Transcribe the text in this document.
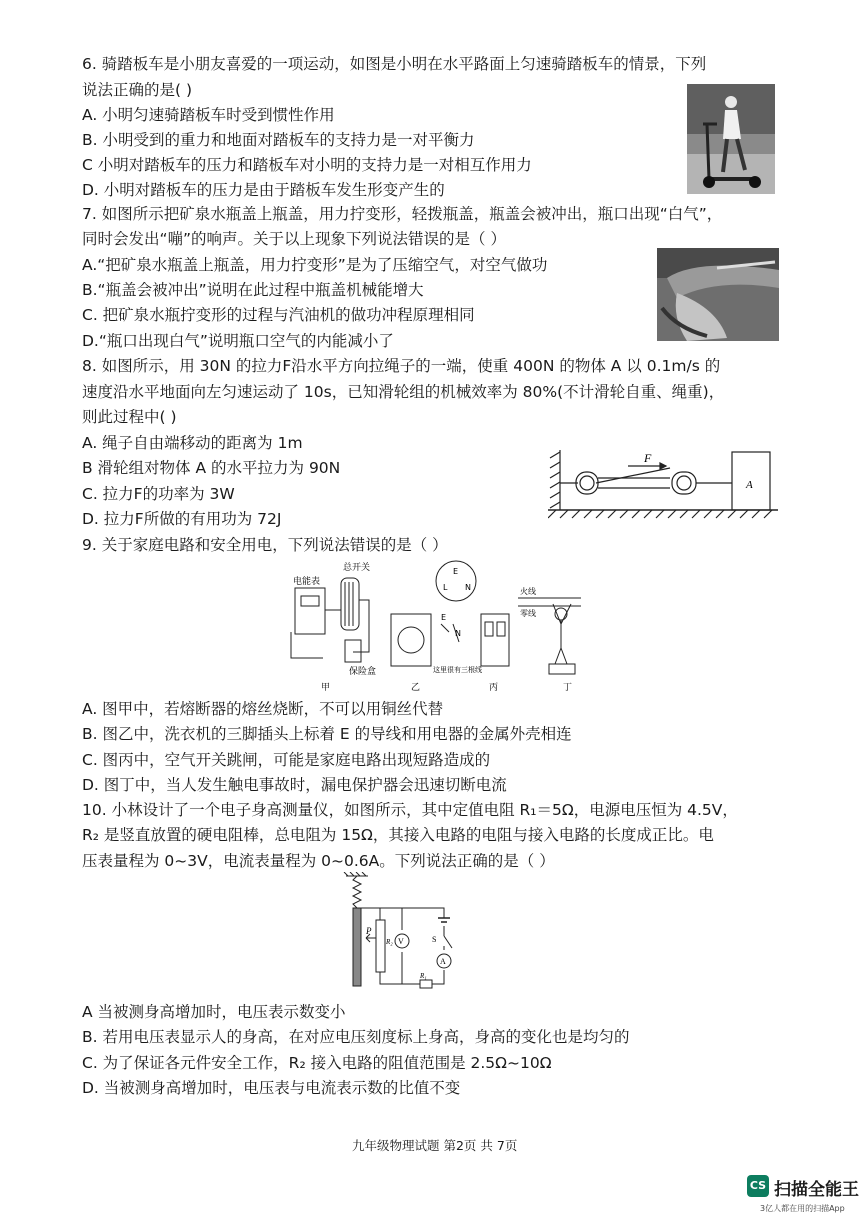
6. 骑踏板车是小朋友喜爱的一项运动，如图是小明在水平路面上匀速骑踏板车的情景，下列
说法正确的是( )
A. 小明匀速骑踏板车时受到惯性作用
B. 小明受到的重力和地面对踏板车的支持力是一对平衡力
C 小明对踏板车的压力和踏板车对小明的支持力是一对相互作用力
D. 小明对踏板车的压力是由于踏板车发生形变产生的
7. 如图所示把矿泉水瓶盖上瓶盖，用力拧变形，轻拨瓶盖，瓶盖会被冲出，瓶口出现“白气”，
同时会发出“嘣”的响声。关于以上现象下列说法错误的是（ ）
A.“把矿泉水瓶盖上瓶盖，用力拧变形”是为了压缩空气，对空气做功
B.“瓶盖会被冲出”说明在此过程中瓶盖机械能增大
C. 把矿泉水瓶拧变形的过程与汽油机的做功冲程原理相同
D.“瓶口出现白气”说明瓶口空气的内能减小了
8. 如图所示，用 30N 的拉力F沿水平方向拉绳子的一端，使重 400N 的物体 A 以 0.1m/s 的
速度沿水平地面向左匀速运动了 10s，已知滑轮组的机械效率为 80%(不计滑轮自重、绳重)，
则此过程中( )
A. 绳子自由端移动的距离为 1m
B 滑轮组对物体 A 的水平拉力为 90N
C. 拉力F的功率为 3W
D. 拉力F所做的有用功为 72J
F
A
9. 关于家庭电路和安全用电，下列说法错误的是（ ）
电能表
总开关
保险盒
E
L N
E
N
这里很有三根线
火线
零线
甲	乙	丙	丁
A. 图甲中，若熔断器的熔丝烧断，不可以用铜丝代替
B. 图乙中，洗衣机的三脚插头上标着 E 的导线和用电器的金属外壳相连
C. 图丙中，空气开关跳闸，可能是家庭电路出现短路造成的
D. 图丁中，当人发生触电事故时，漏电保护器会迅速切断电流
10. 小林设计了一个电子身高测量仪，如图所示，其中定值电阻 R₁＝5Ω，电源电压恒为 4.5V，
R₂ 是竖直放置的硬电阻棒，总电阻为 15Ω，其接入电路的电阻与接入电路的长度成正比。电
压表量程为 0~3V，电流表量程为 0~0.6A。下列说法正确的是（ ）
P
R₂ V	S
A
R₁
A 当被测身高增加时，电压表示数变小
B. 若用电压表显示人的身高，在对应电压刻度标上身高，身高的变化也是均匀的
C. 为了保证各元件安全工作，R₂ 接入电路的阻值范围是 2.5Ω~10Ω
D. 当被测身高增加时，电压表与电流表示数的比值不变
九年级物理试题 第2页 共 7页
CS 扫描全能王
3亿人都在用的扫描App
